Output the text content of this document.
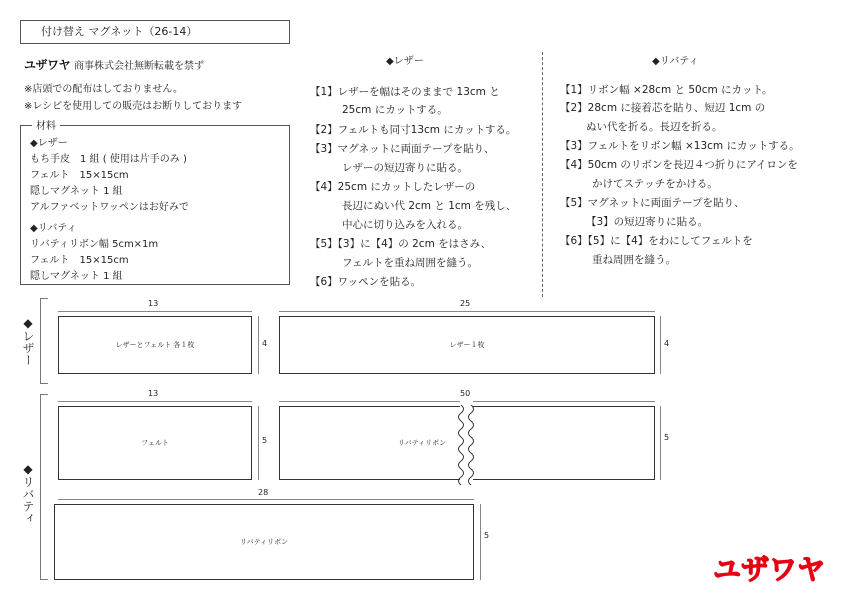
付け替え マグネット（26-14）
ユザワヤ 商事株式会社無断転載を禁ず
※店頭での配布はしておりません。
※レシピを使用しての販売はお断りしております
材料
◆レザー
もち手皮　1 組 ( 使用は片手のみ )
フェルト　15×15cm
隠しマグネット 1 組
アルファベットワッペンはお好みで
◆リバティ
リバティリボン幅 5cm×1m
フェルト　15×15cm
隠しマグネット 1 組
◆レザー
【1】レザーを幅はそのままで 13cm と
25cm にカットする。
【2】フェルトも同寸13cm にカットする。
【3】マグネットに両面テープを貼り、
レザーの短辺寄りに貼る。
【4】25cm にカットしたレザーの
長辺にぬい代 2cm と 1cm を残し、
中心に切り込みを入れる。
【5】【3】に【4】の 2cm をはさみ、
フェルトを重ね周囲を縫う。
【6】ワッペンを貼る。
◆リバティ
【1】リボン幅 ×28cm と 50cm にカット。
【2】28cm に接着芯を貼り、短辺 1cm の
ぬい代を折る。長辺を折る。
【3】フェルトをリボン幅 ×13cm にカットする。
【4】50cm のリボンを長辺４つ折りにアイロンを
かけてステッチをかける。
【5】マグネットに両面テープを貼り、
【3】の短辺寄りに貼る。
【6】【5】に【4】をわにしてフェルトを
重ね周囲を縫う。
◆レザー
◆リバティ
13
レザーとフェルト 各１枚	4
25
レザー１枚	4
13
フェルト	5
50
リバティリボン
5
28
リバティリボン
5
ユザワヤ
